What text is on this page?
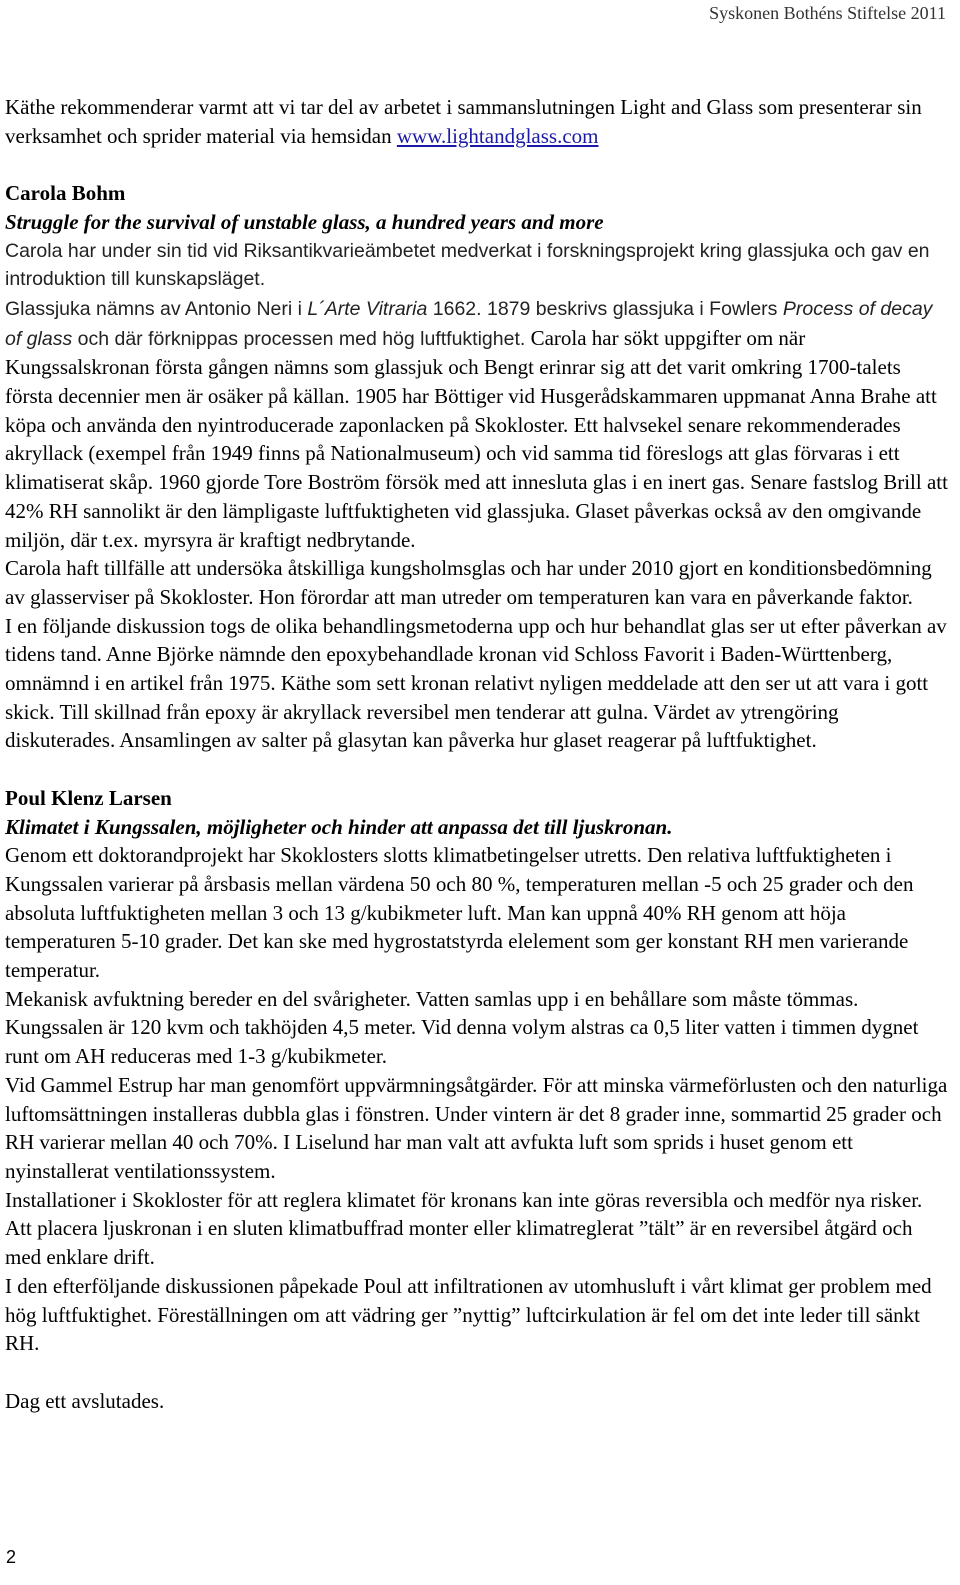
Syskonen Bothéns Stiftelse 2011

Käthe rekommenderar varmt att vi tar del av arbetet i sammanslutningen Light and Glass som presenterar sin verksamhet och sprider material via hemsidan www.lightandglass.com

Carola Bohm

Struggle for the survival of unstable glass, a hundred years and more

Carola har under sin tid vid Riksantikvarieämbetet medverkat i forskningsprojekt kring glassjuka och gav en introduktion till kunskapsläget.

Glassjuka nämns av Antonio Neri i L´Arte Vitraria 1662. 1879 beskrivs glassjuka i Fowlers Process of decay of glass och där förknippas processen med hög luftfuktighet. Carola har sökt uppgifter om när Kungssalskronan första gången nämns som glassjuk och Bengt erinrar sig att det varit omkring 1700-talets första decennier men är osäker på källan. 1905 har Böttiger vid Husgerådskammaren uppmanat Anna Brahe att köpa och använda den nyintroducerade zaponlacken på Skokloster. Ett halvsekel senare rekommenderades akryllack (exempel från 1949 finns på Nationalmuseum) och vid samma tid föreslogs att glas förvaras i ett klimatiserat skåp. 1960 gjorde Tore Boström försök med att innesluta glas i en inert gas. Senare fastslog Brill att 42% RH sannolikt är den lämpligaste luftfuktigheten vid glassjuka. Glaset påverkas också av den omgivande miljön, där t.ex. myrsyra är kraftigt nedbrytande.

Carola haft tillfälle att undersöka åtskilliga kungsholmsglas och har under 2010 gjort en konditionsbedömning av glasserviser på Skokloster. Hon förordar att man utreder om temperaturen kan vara en påverkande faktor.

I en följande diskussion togs de olika behandlingsmetoderna upp och hur behandlat glas ser ut efter påverkan av tidens tand. Anne Björke nämnde den epoxybehandlade kronan vid Schloss Favorit i Baden-Württenberg, omnämnd i en artikel från 1975. Käthe som sett kronan relativt nyligen meddelade att den ser ut att vara i gott skick. Till skillnad från epoxy är akryllack reversibel men tenderar att gulna. Värdet av ytrengöring diskuterades. Ansamlingen av salter på glasytan kan påverka hur glaset reagerar på luftfuktighet.

Poul Klenz Larsen

Klimatet i Kungssalen, möjligheter och hinder att anpassa det till ljuskronan.

Genom ett doktorandprojekt har Skoklosters slotts klimatbetingelser utretts. Den relativa luftfuktigheten i Kungssalen varierar på årsbasis mellan värdena 50 och 80 %, temperaturen mellan -5 och 25 grader och den absoluta luftfuktigheten mellan 3 och 13 g/kubikmeter luft. Man kan uppnå 40% RH genom att höja temperaturen 5-10 grader. Det kan ske med hygrostatstyrda elelement som ger konstant RH men varierande temperatur.

Mekanisk avfuktning bereder en del svårigheter. Vatten samlas upp i en behållare som måste tömmas. Kungssalen är 120 kvm och takhöjden 4,5 meter. Vid denna volym alstras ca 0,5 liter vatten i timmen dygnet runt om AH reduceras med 1-3 g/kubikmeter.

Vid Gammel Estrup har man genomfört uppvärmningsåtgärder. För att minska värmeförlusten och den naturliga luftomsättningen installeras dubbla glas i fönstren. Under vintern är det 8 grader inne, sommartid 25 grader och RH varierar mellan 40 och 70%. I Liselund har man valt att avfukta luft som sprids i huset genom ett nyinstallerat ventilationssystem.

Installationer i Skokloster för att reglera klimatet för kronans kan inte göras reversibla och medför nya risker. Att placera ljuskronan i en sluten klimatbuffrad monter eller klimatreglerat ”tält” är en reversibel åtgärd och med enklare drift.

I den efterföljande diskussionen påpekade Poul att infiltrationen av utomhusluft i vårt klimat ger problem med hög luftfuktighet. Föreställningen om att vädring ger ”nyttig” luftcirkulation är fel om det inte leder till sänkt RH.

Dag ett avslutades.

2
